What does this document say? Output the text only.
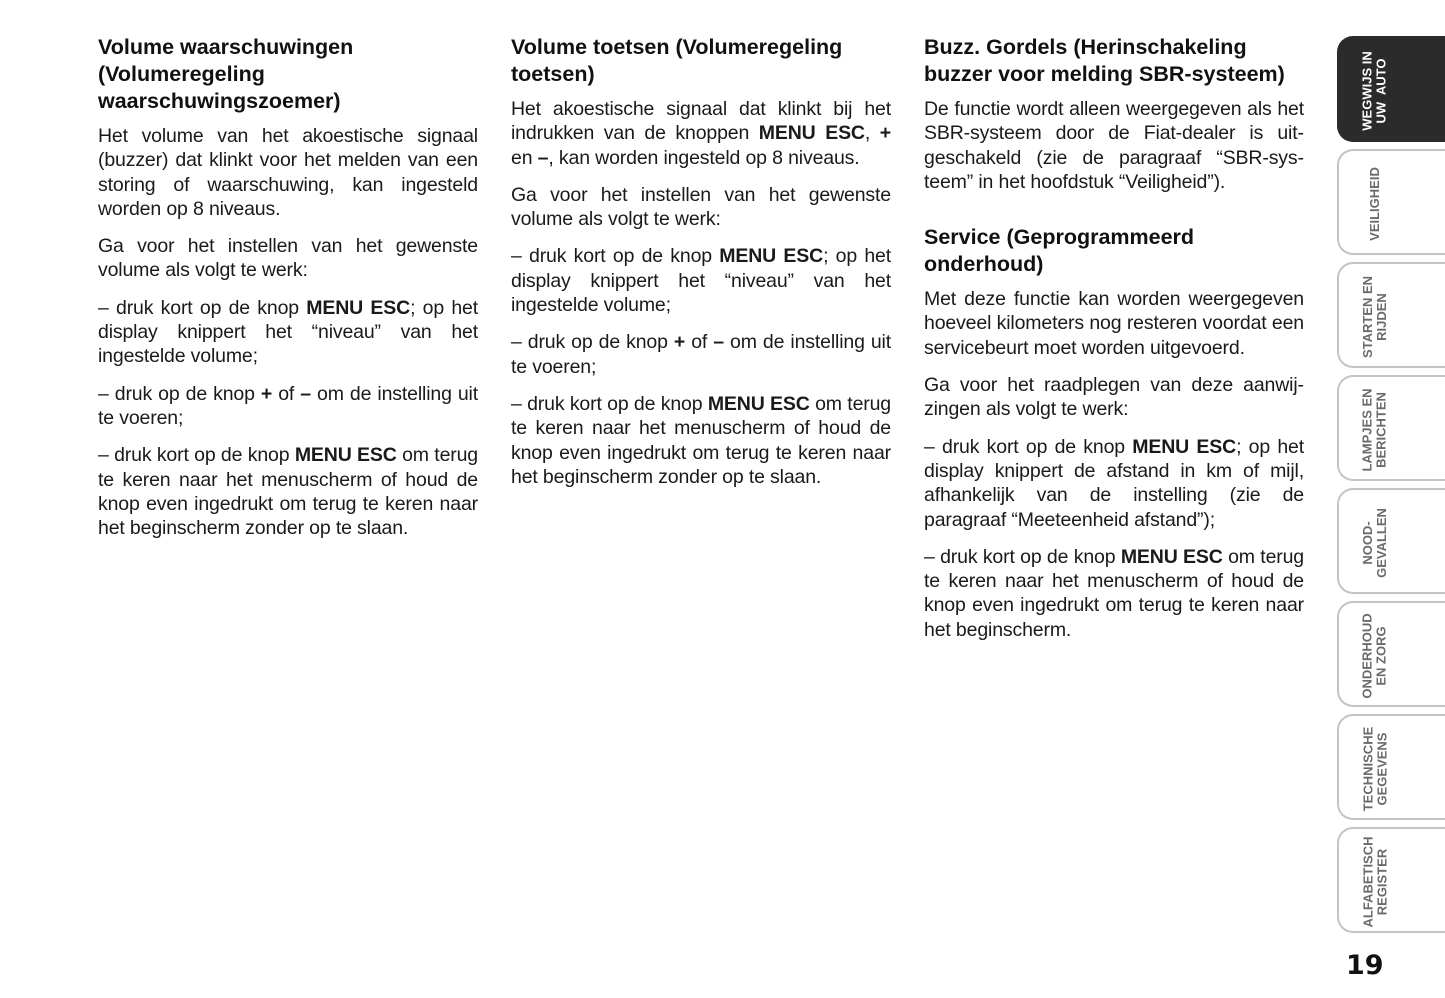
Volume waarschuwingen (Volumeregeling waarschuwingszoemer)

Het volume van het akoestische signaal (buzzer) dat klinkt voor het melden van een storing of waarschuwing, kan ingesteld worden op 8 niveaus.

Ga voor het instellen van het gewenste volume als volgt te werk:

– druk kort op de knop MENU ESC; op het display knippert het “niveau” van het ingestelde volume;

– druk op de knop + of – om de instelling uit te voeren;

– druk kort op de knop MENU ESC om terug te keren naar het menuscherm of houd de knop even ingedrukt om terug te keren naar het beginscherm zonder op te slaan.

Volume toetsen (Volumeregeling toetsen)

Het akoestische signaal dat klinkt bij het indrukken van de knoppen MENU ESC, + en –, kan worden ingesteld op 8 niveaus.

Ga voor het instellen van het gewenste volume als volgt te werk:

– druk kort op de knop MENU ESC; op het display knippert het “niveau” van het ingestelde volume;

– druk op de knop + of – om de instelling uit te voeren;

– druk kort op de knop MENU ESC om terug te keren naar het menuscherm of houd de knop even ingedrukt om terug te keren naar het beginscherm zonder op te slaan.

Buzz. Gordels (Herinschakeling buzzer voor melding SBR-systeem)

De functie wordt alleen weergegeven als het SBR-systeem door de Fiat-dealer is uitgeschakeld (zie de paragraaf “SBR-systeem” in het hoofdstuk “Veiligheid”).

Service (Geprogrammeerd onderhoud)

Met deze functie kan worden weergegeven hoeveel kilometers nog resteren voordat een servicebeurt moet worden uitgevoerd.

Ga voor het raadplegen van deze aanwijzingen als volgt te werk:

– druk kort op de knop MENU ESC; op het display knippert de afstand in km of mijl, afhankelijk van de instelling (zie de paragraaf “Meeteenheid afstand”);

– druk kort op de knop MENU ESC om terug te keren naar het menuscherm of houd de knop even ingedrukt om terug te keren naar het beginscherm.

WEGWIJS IN
UW  AUTO
VEILIGHEID
STARTEN EN
RIJDEN
LAMPJES EN
BERICHTEN
NOOD-
GEVALLEN
ONDERHOUD
EN ZORG
TECHNISCHE
GEGEVENS
ALFABETISCH
REGISTER
19
